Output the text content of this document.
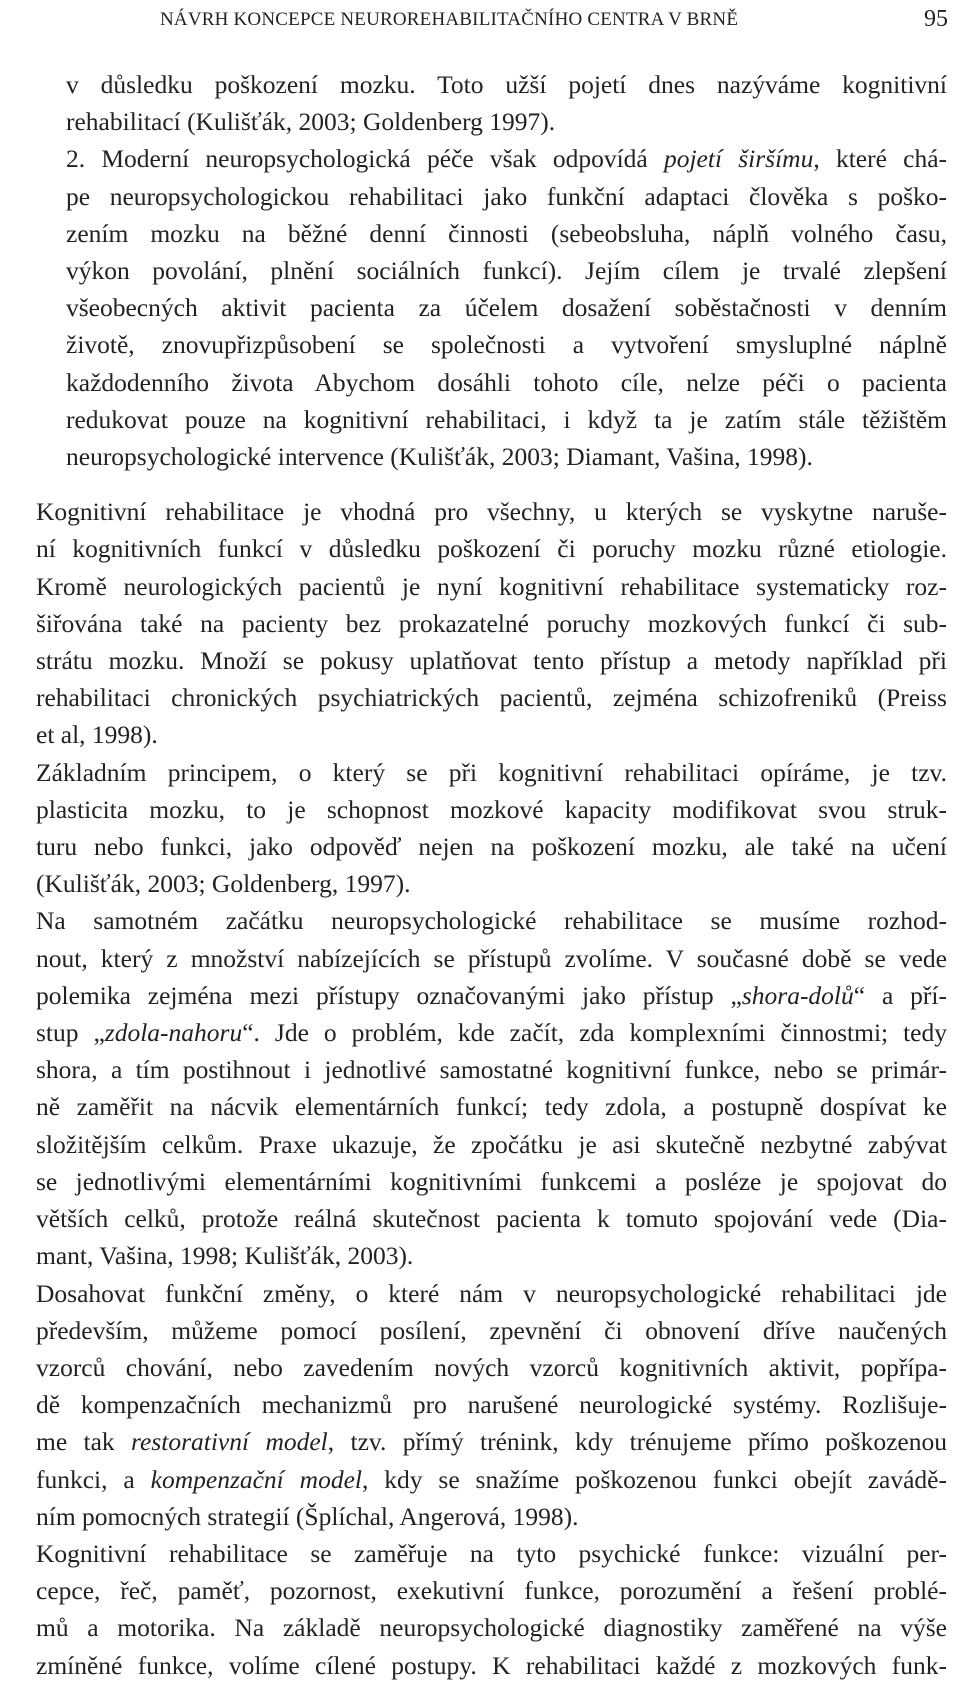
NÁVRH KONCEPCE NEUROREHABILITAČNÍHO CENTRA V BRNĚ	95
v důsledku poškození mozku. Toto užší pojetí dnes nazýváme kognitivní
rehabilitací (Kulišťák, 2003; Goldenberg 1997).
2. Moderní neuropsychologická péče však odpovídá pojetí širšímu, které chá-
pe neuropsychologickou rehabilitaci jako funkční adaptaci člověka s poško-
zením mozku na běžné denní činnosti (sebeobsluha, náplň volného času,
výkon povolání, plnění sociálních funkcí). Jejím cílem je trvalé zlepšení
všeobecných aktivit pacienta za účelem dosažení soběstačnosti v denním
životě, znovupřizpůsobení se společnosti a vytvoření smysluplné náplně
každodenního života Abychom dosáhli tohoto cíle, nelze péči o pacienta
redukovat pouze na kognitivní rehabilitaci, i když ta je zatím stále těžištěm
neuropsychologické intervence (Kulišťák, 2003; Diamant, Vašina, 1998).
Kognitivní rehabilitace je vhodná pro všechny, u kterých se vyskytne naruše-
ní kognitivních funkcí v důsledku poškození či poruchy mozku různé etiologie.
Kromě neurologických pacientů je nyní kognitivní rehabilitace systematicky roz-
šiřována také na pacienty bez prokazatelné poruchy mozkových funkcí či sub-
strátu mozku. Množí se pokusy uplatňovat tento přístup a metody například při
rehabilitaci chronických psychiatrických pacientů, zejména schizofreniků (Preiss
et al, 1998).
Základním principem, o který se při kognitivní rehabilitaci opíráme, je tzv.
plasticita mozku, to je schopnost mozkové kapacity modifikovat svou struk-
turu nebo funkci, jako odpověď nejen na poškození mozku, ale také na učení
(Kulišťák, 2003; Goldenberg, 1997).
Na samotném začátku neuropsychologické rehabilitace se musíme rozhod-
nout, který z množství nabízejících se přístupů zvolíme. V současné době se vede
polemika zejména mezi přístupy označovanými jako přístup „shora-dolů“ a pří-
stup „zdola-nahoru“. Jde o problém, kde začít, zda komplexními činnostmi; tedy
shora, a tím postihnout i jednotlivé samostatné kognitivní funkce, nebo se primár-
ně zaměřit na nácvik elementárních funkcí; tedy zdola, a postupně dospívat ke
složitějším celkům. Praxe ukazuje, že zpočátku je asi skutečně nezbytné zabývat
se jednotlivými elementárními kognitivními funkcemi a posléze je spojovat do
větších celků, protože reálná skutečnost pacienta k tomuto spojování vede (Dia-
mant, Vašina, 1998; Kulišťák, 2003).
Dosahovat funkční změny, o které nám v neuropsychologické rehabilitaci jde
především, můžeme pomocí posílení, zpevnění či obnovení dříve naučených
vzorců chování, nebo zavedením nových vzorců kognitivních aktivit, popřípa-
dě kompenzačních mechanizmů pro narušené neurologické systémy. Rozlišuje-
me tak restorativní model, tzv. přímý trénink, kdy trénujeme přímo poškozenou
funkci, a kompenzační model, kdy se snažíme poškozenou funkci obejít zavádě-
ním pomocných strategií (Šplíchal, Angerová, 1998).
Kognitivní rehabilitace se zaměřuje na tyto psychické funkce: vizuální per-
cepce, řeč, paměť, pozornost, exekutivní funkce, porozumění a řešení problé-
mů a motorika. Na základě neuropsychologické diagnostiky zaměřené na výše
zmíněné funkce, volíme cílené postupy. K rehabilitaci každé z mozkových funk-
